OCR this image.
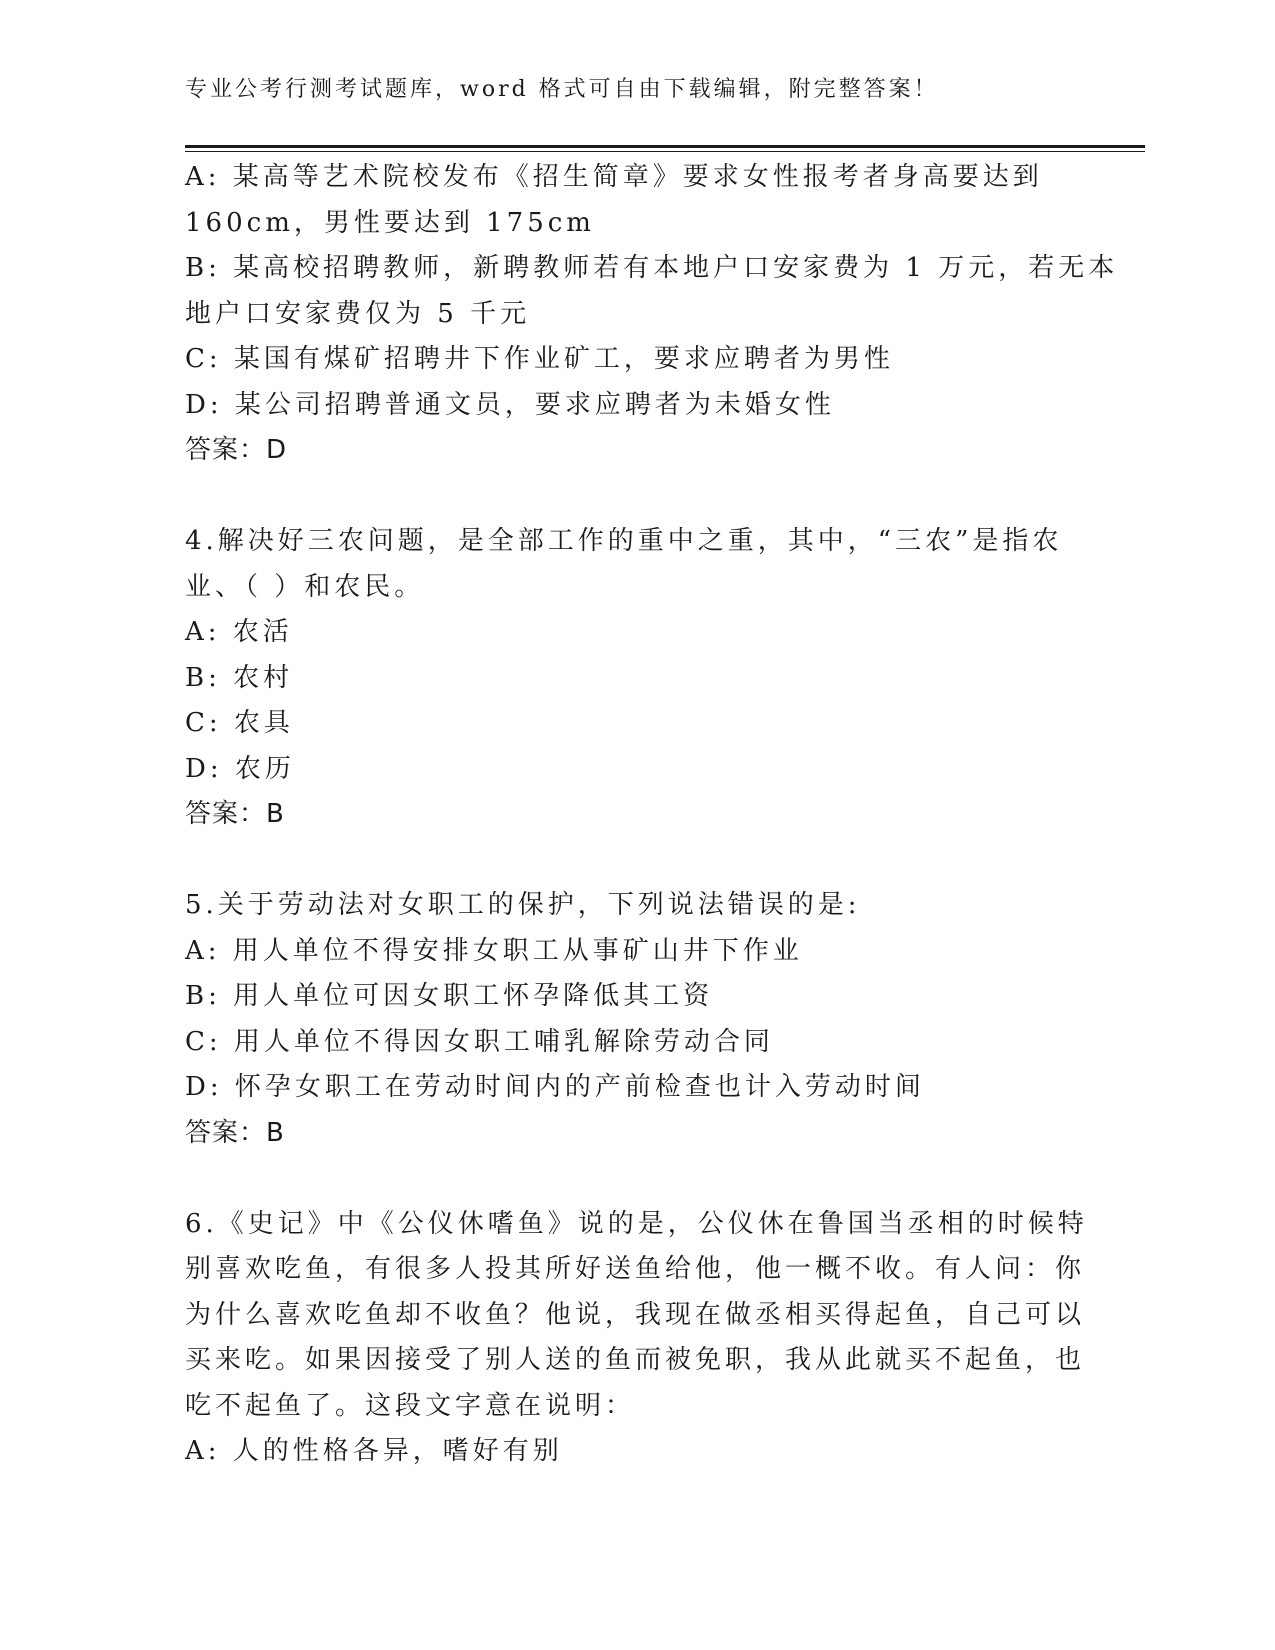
专业公考行测考试题库，word 格式可自由下载编辑，附完整答案！
A: 某高等艺术院校发布《招生简章》要求女性报考者身高要达到
160cm，男性要达到 175cm
B: 某高校招聘教师，新聘教师若有本地户口安家费为 1 万元，若无本
地户口安家费仅为 5 千元
C: 某国有煤矿招聘井下作业矿工，要求应聘者为男性
D: 某公司招聘普通文员，要求应聘者为未婚女性
答案：D
4.解决好三农问题，是全部工作的重中之重，其中，“三农”是指农
业、（ ）和农民。
A: 农活
B: 农村
C: 农具
D: 农历
答案：B
5.关于劳动法对女职工的保护，下列说法错误的是:
A: 用人单位不得安排女职工从事矿山井下作业
B: 用人单位可因女职工怀孕降低其工资
C: 用人单位不得因女职工哺乳解除劳动合同
D: 怀孕女职工在劳动时间内的产前检查也计入劳动时间
答案：B
6.《史记》中《公仪休嗜鱼》说的是，公仪休在鲁国当丞相的时候特
别喜欢吃鱼，有很多人投其所好送鱼给他，他一概不收。有人问：你
为什么喜欢吃鱼却不收鱼？他说，我现在做丞相买得起鱼，自己可以
买来吃。如果因接受了别人送的鱼而被免职，我从此就买不起鱼，也
吃不起鱼了。这段文字意在说明：
A: 人的性格各异，嗜好有别
